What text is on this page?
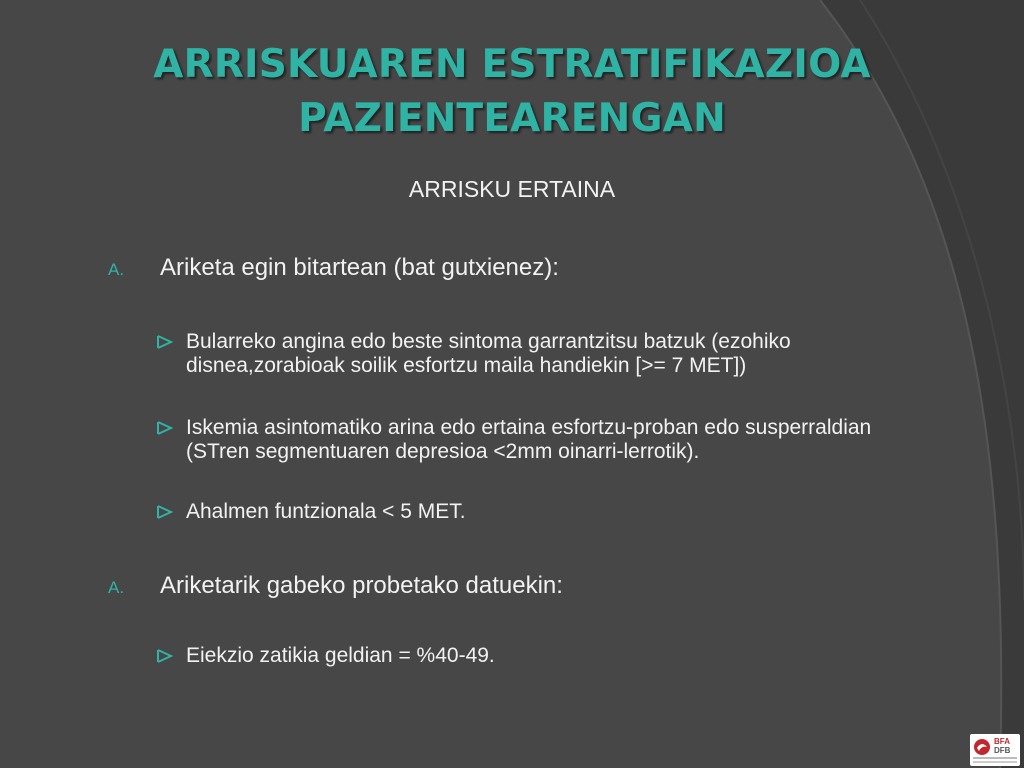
ARRISKUAREN ESTRATIFIKAZIOA
PAZIENTEARENGAN
ARRISKU ERTAINA
A. Ariketa egin bitartean (bat gutxienez):
Bularreko angina edo beste sintoma garrantzitsu batzuk (ezohiko disnea,zorabioak soilik esfortzu maila handiekin [>= 7 MET])
Iskemia asintomatiko arina edo ertaina esfortzu-proban edo susperraldian (STren segmentuaren depresioa <2mm oinarri-lerrotik).
Ahalmen funtzionala < 5 MET.
A. Ariketarik gabeko probetako datuekin:
Eiekzio zatikia geldian = %40-49.
BFA
DFB
